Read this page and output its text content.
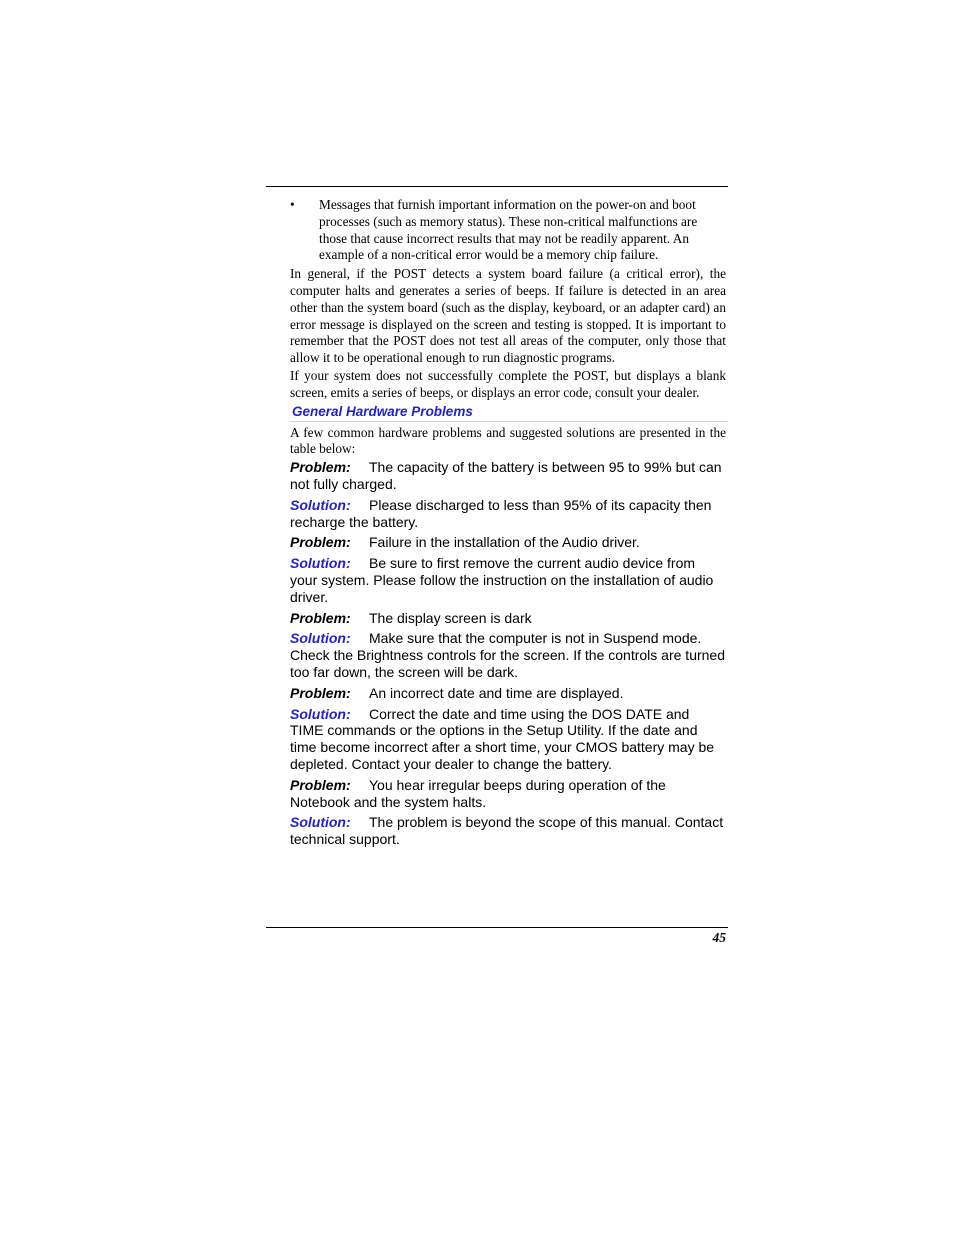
• Messages that furnish important information on the power-on and boot processes (such as memory status). These non-critical malfunctions are those that cause incorrect results that may not be readily apparent. An example of a non-critical error would be a memory chip failure.

In general, if the POST detects a system board failure (a critical error), the computer halts and generates a series of beeps. If failure is detected in an area other than the system board (such as the display, keyboard, or an adapter card) an error message is displayed on the screen and testing is stopped. It is important to remember that the POST does not test all areas of the computer, only those that allow it to be operational enough to run diagnostic programs.

If your system does not successfully complete the POST, but displays a blank screen, emits a series of beeps, or displays an error code, consult your dealer.

General Hardware Problems

A few common hardware problems and suggested solutions are presented in the table below:

Problem: The capacity of the battery is between 95 to 99% but can not fully charged.
Solution: Please discharged to less than 95% of its capacity then recharge the battery.
Problem: Failure in the installation of the Audio driver.
Solution: Be sure to first remove the current audio device from your system. Please follow the instruction on the installation of audio driver.
Problem: The display screen is dark
Solution: Make sure that the computer is not in Suspend mode. Check the Brightness controls for the screen. If the controls are turned too far down, the screen will be dark.
Problem: An incorrect date and time are displayed.
Solution: Correct the date and time using the DOS DATE and TIME commands or the options in the Setup Utility. If the date and time become incorrect after a short time, your CMOS battery may be depleted. Contact your dealer to change the battery.
Problem: You hear irregular beeps during operation of the Notebook and the system halts.
Solution: The problem is beyond the scope of this manual. Contact technical support.
45
